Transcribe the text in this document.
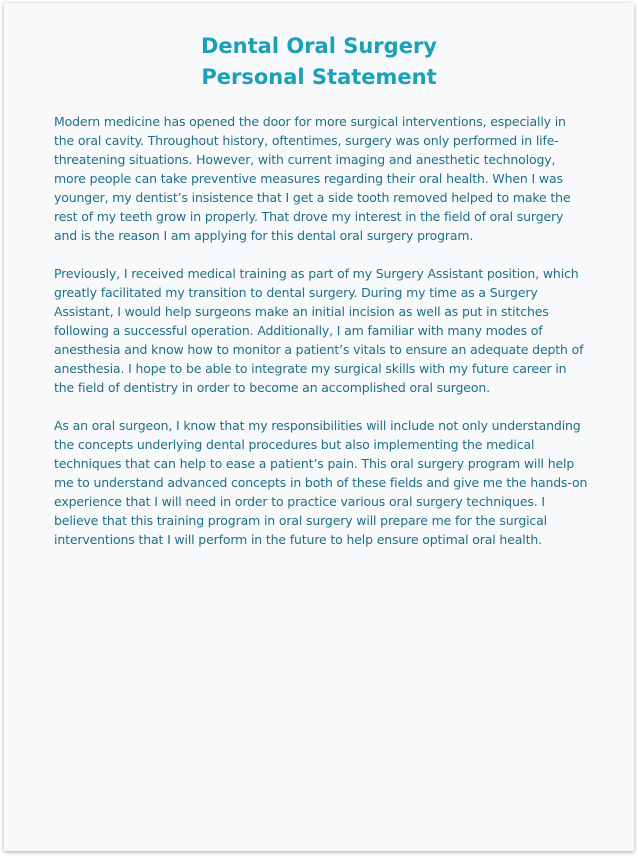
Dental Oral Surgery
Personal Statement

Modern medicine has opened the door for more surgical interventions, especially in the oral cavity. Throughout history, oftentimes, surgery was only performed in life-threatening situations. However, with current imaging and anesthetic technology, more people can take preventive measures regarding their oral health. When I was younger, my dentist’s insistence that I get a side tooth removed helped to make the rest of my teeth grow in properly. That drove my interest in the field of oral surgery and is the reason I am applying for this dental oral surgery program.

Previously, I received medical training as part of my Surgery Assistant position, which greatly facilitated my transition to dental surgery. During my time as a Surgery Assistant, I would help surgeons make an initial incision as well as put in stitches following a successful operation. Additionally, I am familiar with many modes of anesthesia and know how to monitor a patient’s vitals to ensure an adequate depth of anesthesia. I hope to be able to integrate my surgical skills with my future career in the field of dentistry in order to become an accomplished oral surgeon.

As an oral surgeon, I know that my responsibilities will include not only understanding the concepts underlying dental procedures but also implementing the medical techniques that can help to ease a patient’s pain. This oral surgery program will help me to understand advanced concepts in both of these fields and give me the hands-on experience that I will need in order to practice various oral surgery techniques. I believe that this training program in oral surgery will prepare me for the surgical interventions that I will perform in the future to help ensure optimal oral health.
